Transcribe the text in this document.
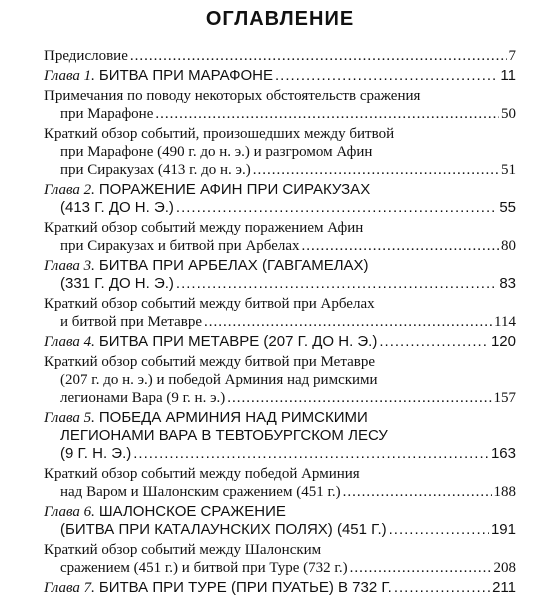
ОГЛАВЛЕНИЕ
Предисловие .....	7
Глава 1. БИТВА ПРИ МАРАФОНЕ .....	11
Примечания по поводу некоторых обстоятельств сражения
при Марафоне .....	50
Краткий обзор событий, произошедших между битвой
при Марафоне (490 г. до н. э.) и разгромом Афин
при Сиракузах (413 г. до н. э.) .....	51
Глава 2. ПОРАЖЕНИЕ АФИН ПРИ СИРАКУЗАХ
(413 Г. ДО Н. Э.) .....	55
Краткий обзор событий между поражением Афин
при Сиракузах и битвой при Арбелах .....	80
Глава 3. БИТВА ПРИ АРБЕЛАХ (ГАВГАМЕЛАХ)
(331 Г. ДО Н. Э.) .....	83
Краткий обзор событий между битвой при Арбелах
и битвой при Метавре .....	114
Глава 4. БИТВА ПРИ МЕТАВРЕ (207 Г. ДО Н. Э.) .....	120
Краткий обзор событий между битвой при Метавре
(207 г. до н. э.) и победой Арминия над римскими
легионами Вара (9 г. н. э.) .....	157
Глава 5. ПОБЕДА АРМИНИЯ НАД РИМСКИМИ
ЛЕГИОНАМИ ВАРА В ТЕВТОБУРГСКОМ ЛЕСУ
(9 Г. Н. Э.) .....	163
Краткий обзор событий между победой Арминия
над Варом и Шалонским сражением (451 г.) .....	188
Глава 6. ШАЛОНСКОЕ СРАЖЕНИЕ
(БИТВА ПРИ КАТАЛАУНСКИХ ПОЛЯХ) (451 Г.) .....	191
Краткий обзор событий между Шалонским
сражением (451 г.) и битвой при Туре (732 г.) .....	208
Глава 7. БИТВА ПРИ ТУРЕ (ПРИ ПУАТЬЕ) В 732 Г. .....	211
